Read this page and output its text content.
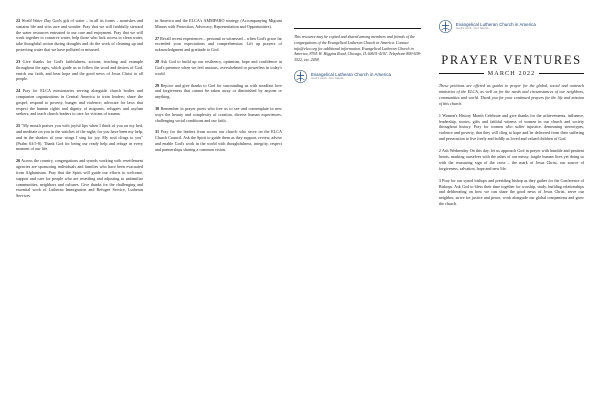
22 World Water Day God's gift of water – in all its forms – nourishes and sustains life and stirs awe and wonder. Pray that we will faithfully steward the water resources entrusted to our care and enjoyment. Pray that we will work together to conserve water, help those who lack access to clean water, take thoughtful action during droughts and do the work of cleaning up and protecting water that we have polluted or misused.

23 Give thanks for God's faithfulness, actions, teaching and example throughout the ages, which guide us to follow the word and desires of God, enrich our faith, and bear hope and the good news of Jesus Christ to all people.

24 Pray for ELCA missionaries serving alongside church bodies and companion organizations in Central America to train leaders; share the gospel; respond to poverty, hunger and violence; advocate for laws that respect the human rights and dignity of migrants, refugees and asylum seekers; and teach church leaders to care for victims of trauma.

25 "My mouth praises you with joyful lips when I think of you on my bed, and meditate on you in the watches of the night; for you have been my help, and in the shadow of your wings I sing for joy. My soul clings to you" (Psalm 63:5-8). Thank God for being our ready help and refuge in every moment of our life.

26 Across the country, congregations and synods working with resettlement agencies are sponsoring individuals and families who have been evacuated from Afghanistan. Pray that the Spirit will guide our efforts to welcome, support and care for people who are resettling and adjusting to unfamiliar communities, neighbors and cultures. Give thanks for the challenging and essential work of Lutheran Immigration and Refugee Service, Lutheran Services

in America and the ELCA's AMMPARO strategy (Accompanying Migrant Minors with Protection, Advocacy, Representation and Opportunities).

27 Recall recent experiences – personal or witnessed – when God's grace far exceeded your expectations and comprehension. Lift up prayers of acknowledgment and gratitude to God.

28 Ask God to build up our resiliency, optimism, hope and confidence in God's presence when we feel anxious, overwhelmed or powerless in today's world.

29 Rejoice and give thanks to God for surrounding us with steadfast love and forgiveness that cannot be taken away or diminished by anyone or anything.

30 Remember in prayer poets who free us to see and contemplate in new ways the beauty and complexity of creation, diverse human experiences, challenging social conditions and our faith.

31 Pray for the leaders from across our church who serve on the ELCA Church Council. Ask the Spirit to guide them as they support, review, advise and enable God's work in the world with thoughtfulness, integrity, respect and partnerships sharing a common vision.

This resource may be copied and shared among members and friends of the congregations of the Evangelical Lutheran Church in America. Contact info@elca.org for additional information. Evangelical Lutheran Church in America, 8765 W. Higgins Road, Chicago, IL 60631-4101. Telephone 800-638-3522, ext. 2458.

Evangelical Lutheran Church in America
God's work. Our hands.
Evangelical Lutheran Church in America
God's work. Our hands.
PRAYER VENTURES
MARCH 2022

These petitions are offered as guides to prayer for the global, social and outreach ministries of the ELCA, as well as for the needs and circumstances of our neighbors, communities and world. Thank you for your continued prayers for the life and mission of this church.

1 Women's History Month Celebrate and give thanks for the achievements, influence, leadership, stories, gifts and faithful witness of women in our church and society throughout history. Pray for women who suffer injustice, demeaning stereotypes, violence and poverty, that they will cling to hope and be delivered from their suffering and persecution to live freely and boldly as loved and valued children of God.

2 Ash Wednesday On this day, let us approach God in prayer with humble and penitent hearts, marking ourselves with the ashes of our messy, fragile human lives yet doing so with the reassuring sign of the cross – the mark of Jesus Christ, our source of forgiveness, salvation, hope and new life.

3 Pray for our synod bishops and presiding bishop as they gather for the Conference of Bishops. Ask God to bless their time together for worship, study, building relationships and deliberating on how we can share the good news of Jesus Christ, serve our neighbor, strive for justice and peace, work alongside our global companions and grow the church.
